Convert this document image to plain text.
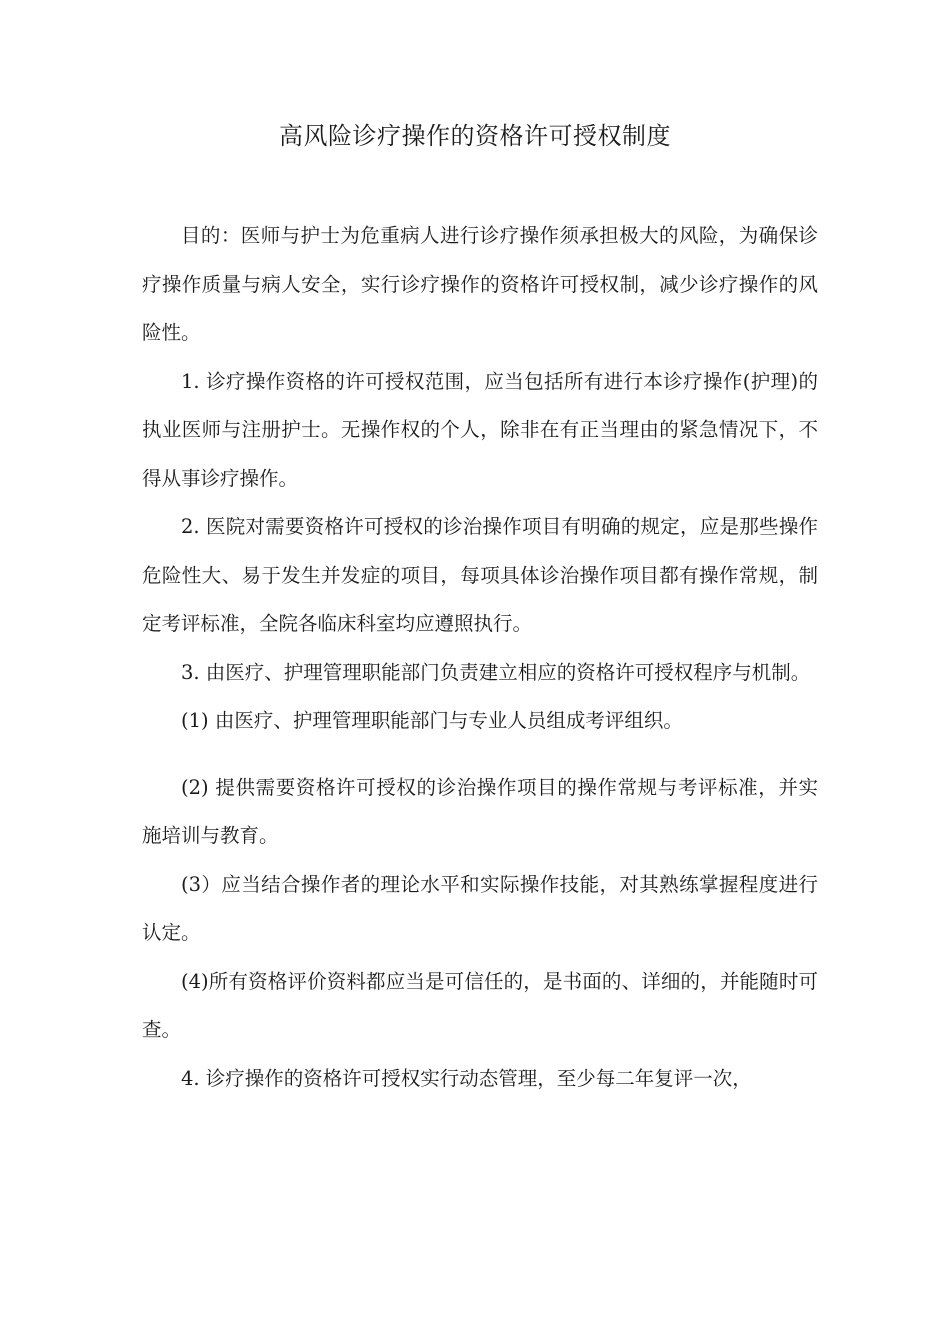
高风险诊疗操作的资格许可授权制度

目的：医师与护士为危重病人进行诊疗操作须承担极大的风险，为确保诊疗操作质量与病人安全，实行诊疗操作的资格许可授权制，减少诊疗操作的风险性。

1. 诊疗操作资格的许可授权范围，应当包括所有进行本诊疗操作(护理)的执业医师与注册护士。无操作权的个人，除非在有正当理由的紧急情况下，不得从事诊疗操作。

2. 医院对需要资格许可授权的诊治操作项目有明确的规定，应是那些操作危险性大、易于发生并发症的项目，每项具体诊治操作项目都有操作常规，制定考评标准，全院各临床科室均应遵照执行。

3. 由医疗、护理管理职能部门负责建立相应的资格许可授权程序与机制。

(1) 由医疗、护理管理职能部门与专业人员组成考评组织。

(2) 提供需要资格许可授权的诊治操作项目的操作常规与考评标准，并实施培训与教育。

(3）应当结合操作者的理论水平和实际操作技能，对其熟练掌握程度进行认定。

(4)所有资格评价资料都应当是可信任的，是书面的、详细的，并能随时可查。

4. 诊疗操作的资格许可授权实行动态管理，至少每二年复评一次，
